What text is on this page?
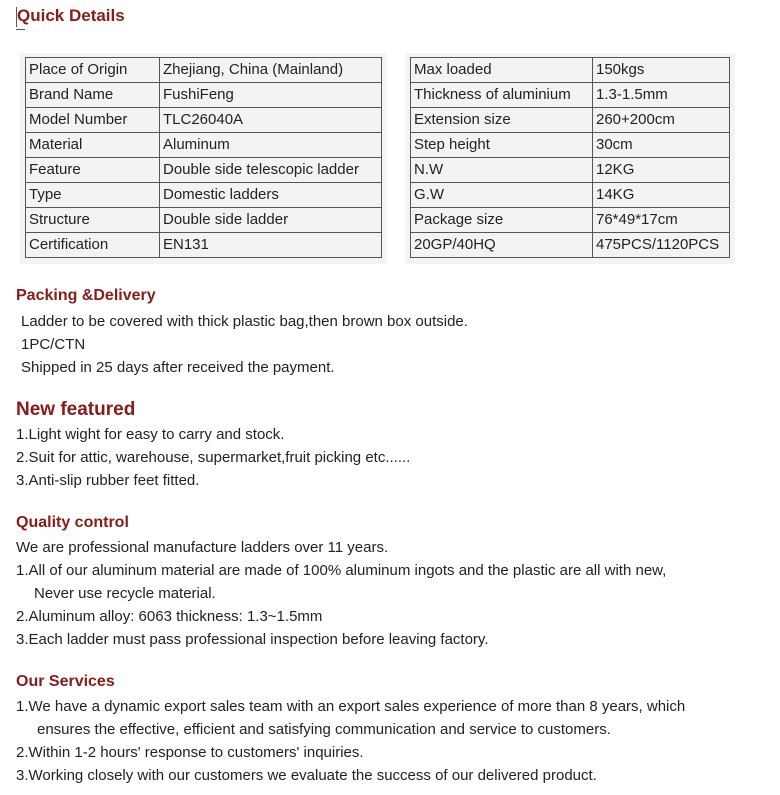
Quick Details
Place of Origin	Zhejiang, China (Mainland)
Brand Name	FushiFeng
Model Number	TLC26040A
Material	Aluminum
Feature	Double side telescopic ladder
Type	Domestic ladders
Structure	Double side ladder
Certification	EN131
Max loaded	150kgs
Thickness of aluminium	1.3-1.5mm
Extension size	260+200cm
Step height	30cm
N.W	12KG
G.W	14KG
Package size	76*49*17cm
20GP/40HQ	475PCS/1120PCS
Packing &Delivery

Ladder to be covered with thick plastic bag,then brown box outside.

1PC/CTN

Shipped in 25 days after received the payment.

New featured

1.Light wight for easy to carry and stock.

2.Suit for attic, warehouse, supermarket,fruit picking etc......

3.Anti-slip rubber feet fitted.

Quality control

We are professional manufacture ladders over 11 years.

1.All of our aluminum material are made of 100% aluminum ingots and the plastic are all with new,

Never use recycle material.

2.Aluminum alloy: 6063 thickness: 1.3~1.5mm

3.Each ladder must pass professional inspection before leaving factory.

Our Services

1.We have a dynamic export sales team with an export sales experience of more than 8 years, which

ensures the effective, efficient and satisfying communication and service to customers.

2.Within 1-2 hours' response to customers' inquiries.

3.Working closely with our customers we evaluate the success of our delivered product.
